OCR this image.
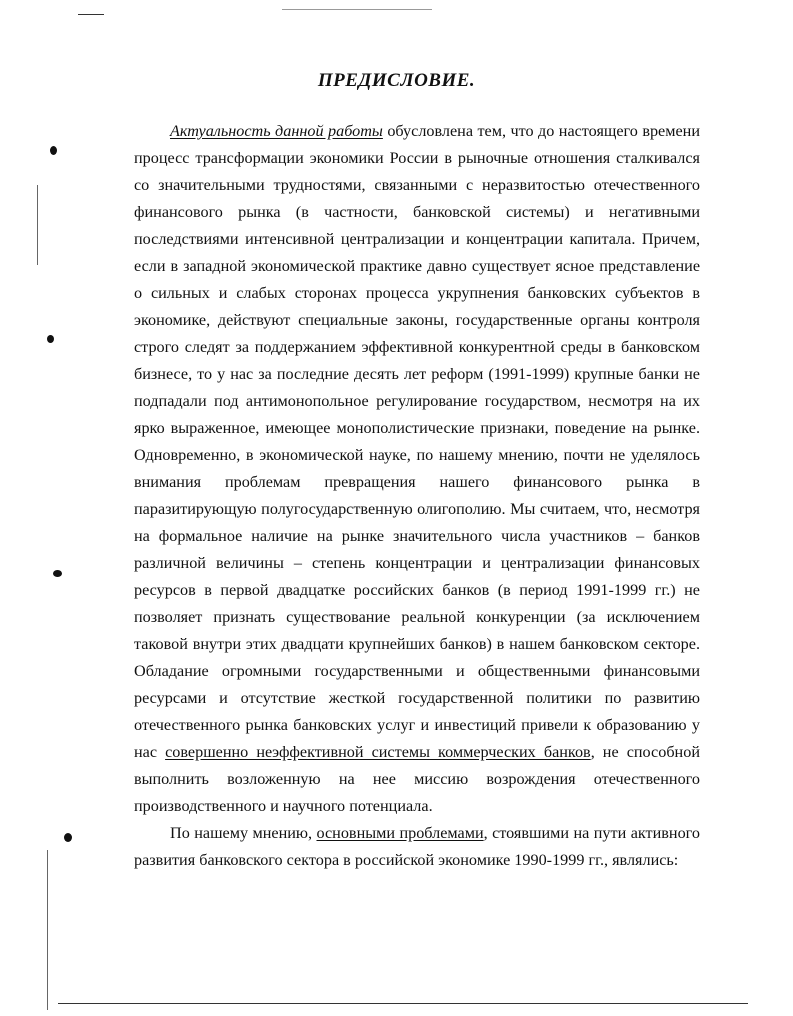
ПРЕДИСЛОВИЕ.

Актуальность данной работы обусловлена тем, что до настоящего времени процесс трансформации экономики России в рыночные отношения сталкивался со значительными трудностями, связанными с неразвитостью отечественного финансового рынка (в частности, банковской системы) и негативными последствиями интенсивной централизации и концентрации капитала. Причем, если в западной экономической практике давно существует ясное представление о сильных и слабых сторонах процесса укрупнения банковских субъектов в экономике, действуют специальные законы, государственные органы контроля строго следят за поддержанием эффективной конкурентной среды в банковском бизнесе, то у нас за последние десять лет реформ (1991-1999) крупные банки не подпадали под антимонопольное регулирование государством, несмотря на их ярко выраженное, имеющее монополистические признаки, поведение на рынке. Одновременно, в экономической науке, по нашему мнению, почти не уделялось внимания проблемам превращения нашего финансового рынка в паразитирующую полугосударственную олигополию. Мы считаем, что, несмотря на формальное наличие на рынке значительного числа участников – банков различной величины – степень концентрации и централизации финансовых ресурсов в первой двадцатке российских банков (в период 1991-1999 гг.) не позволяет признать существование реальной конкуренции (за исключением таковой внутри этих двадцати крупнейших банков) в нашем банковском секторе. Обладание огромными государственными и общественными финансовыми ресурсами и отсутствие жесткой государственной политики по развитию отечественного рынка банковских услуг и инвестиций привели к образованию у нас совершенно неэффективной системы коммерческих банков, не способной выполнить возложенную на нее миссию возрождения отечественного производственного и научного потенциала.

По нашему мнению, основными проблемами, стоявшими на пути активного развития банковского сектора в российской экономике 1990-1999 гг., являлись:
